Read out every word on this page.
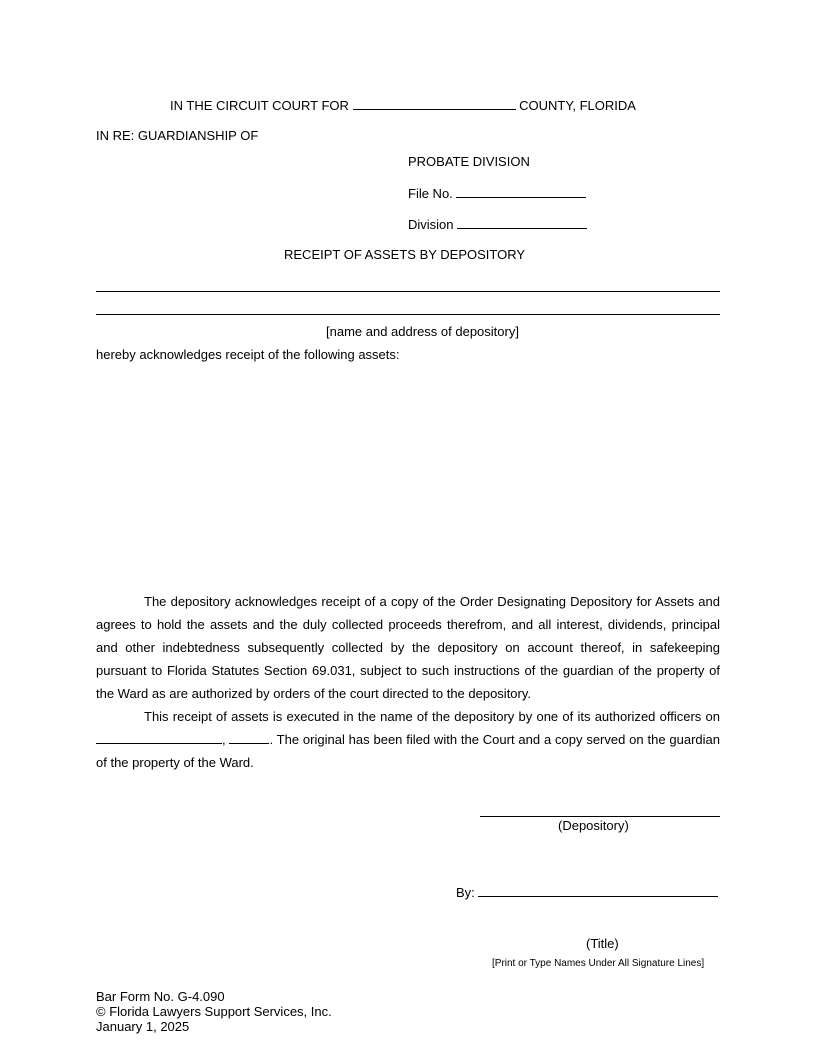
IN THE CIRCUIT COURT FOR	COUNTY, FLORIDA
IN RE: GUARDIANSHIP OF
PROBATE DIVISION
File No.
Division
RECEIPT OF ASSETS BY DEPOSITORY
[name and address of depository]
hereby acknowledges receipt of the following assets:

The depository acknowledges receipt of a copy of the Order Designating Depository for Assets and agrees to hold the assets and the duly collected proceeds therefrom, and all interest, dividends, principal and other indebtedness subsequently collected by the depository on account thereof, in safekeeping pursuant to Florida Statutes Section 69.031, subject to such instructions of the guardian of the property of the Ward as are authorized by orders of the court directed to the depository.

This receipt of assets is executed in the name of the depository by one of its authorized officers on ,	. The original has been filed with the Court and a copy served on the guardian of the property of the Ward.

(Depository)
By:
(Title)
[Print or Type Names Under All Signature Lines]
Bar Form No. G-4.090
© Florida Lawyers Support Services, Inc.
January 1, 2025
